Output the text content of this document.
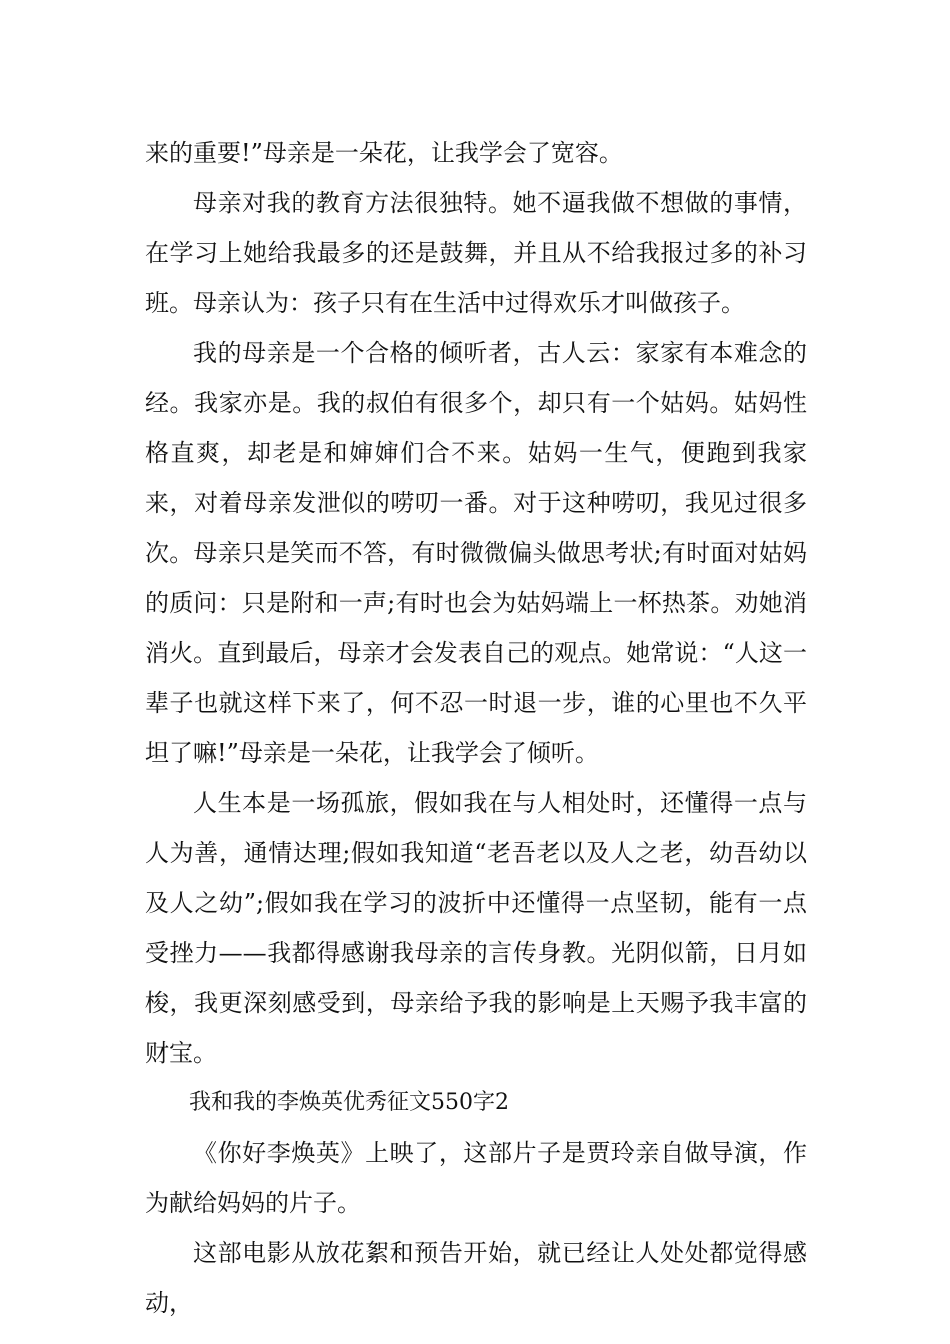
来的重要!”母亲是一朵花，让我学会了宽容。

母亲对我的教育方法很独特。她不逼我做不想做的事情，在学习上她给我最多的还是鼓舞，并且从不给我报过多的补习班。母亲认为：孩子只有在生活中过得欢乐才叫做孩子。

我的母亲是一个合格的倾听者，古人云：家家有本难念的经。我家亦是。我的叔伯有很多个，却只有一个姑妈。姑妈性格直爽，却老是和婶婶们合不来。姑妈一生气，便跑到我家来，对着母亲发泄似的唠叨一番。对于这种唠叨，我见过很多次。母亲只是笑而不答，有时微微偏头做思考状;有时面对姑妈的质问：只是附和一声;有时也会为姑妈端上一杯热茶。劝她消消火。直到最后，母亲才会发表自己的观点。她常说：“人这一辈子也就这样下来了，何不忍一时退一步，谁的心里也不久平坦了嘛!”母亲是一朵花，让我学会了倾听。

人生本是一场孤旅，假如我在与人相处时，还懂得一点与人为善，通情达理;假如我知道“老吾老以及人之老，幼吾幼以及人之幼”;假如我在学习的波折中还懂得一点坚韧，能有一点受挫力——我都得感谢我母亲的言传身教。光阴似箭，日月如梭，我更深刻感受到，母亲给予我的影响是上天赐予我丰富的财宝。

我和我的李焕英优秀征文550字2

《你好李焕英》上映了，这部片子是贾玲亲自做导演，作为献给妈妈的片子。

这部电影从放花絮和预告开始，就已经让人处处都觉得感动，
